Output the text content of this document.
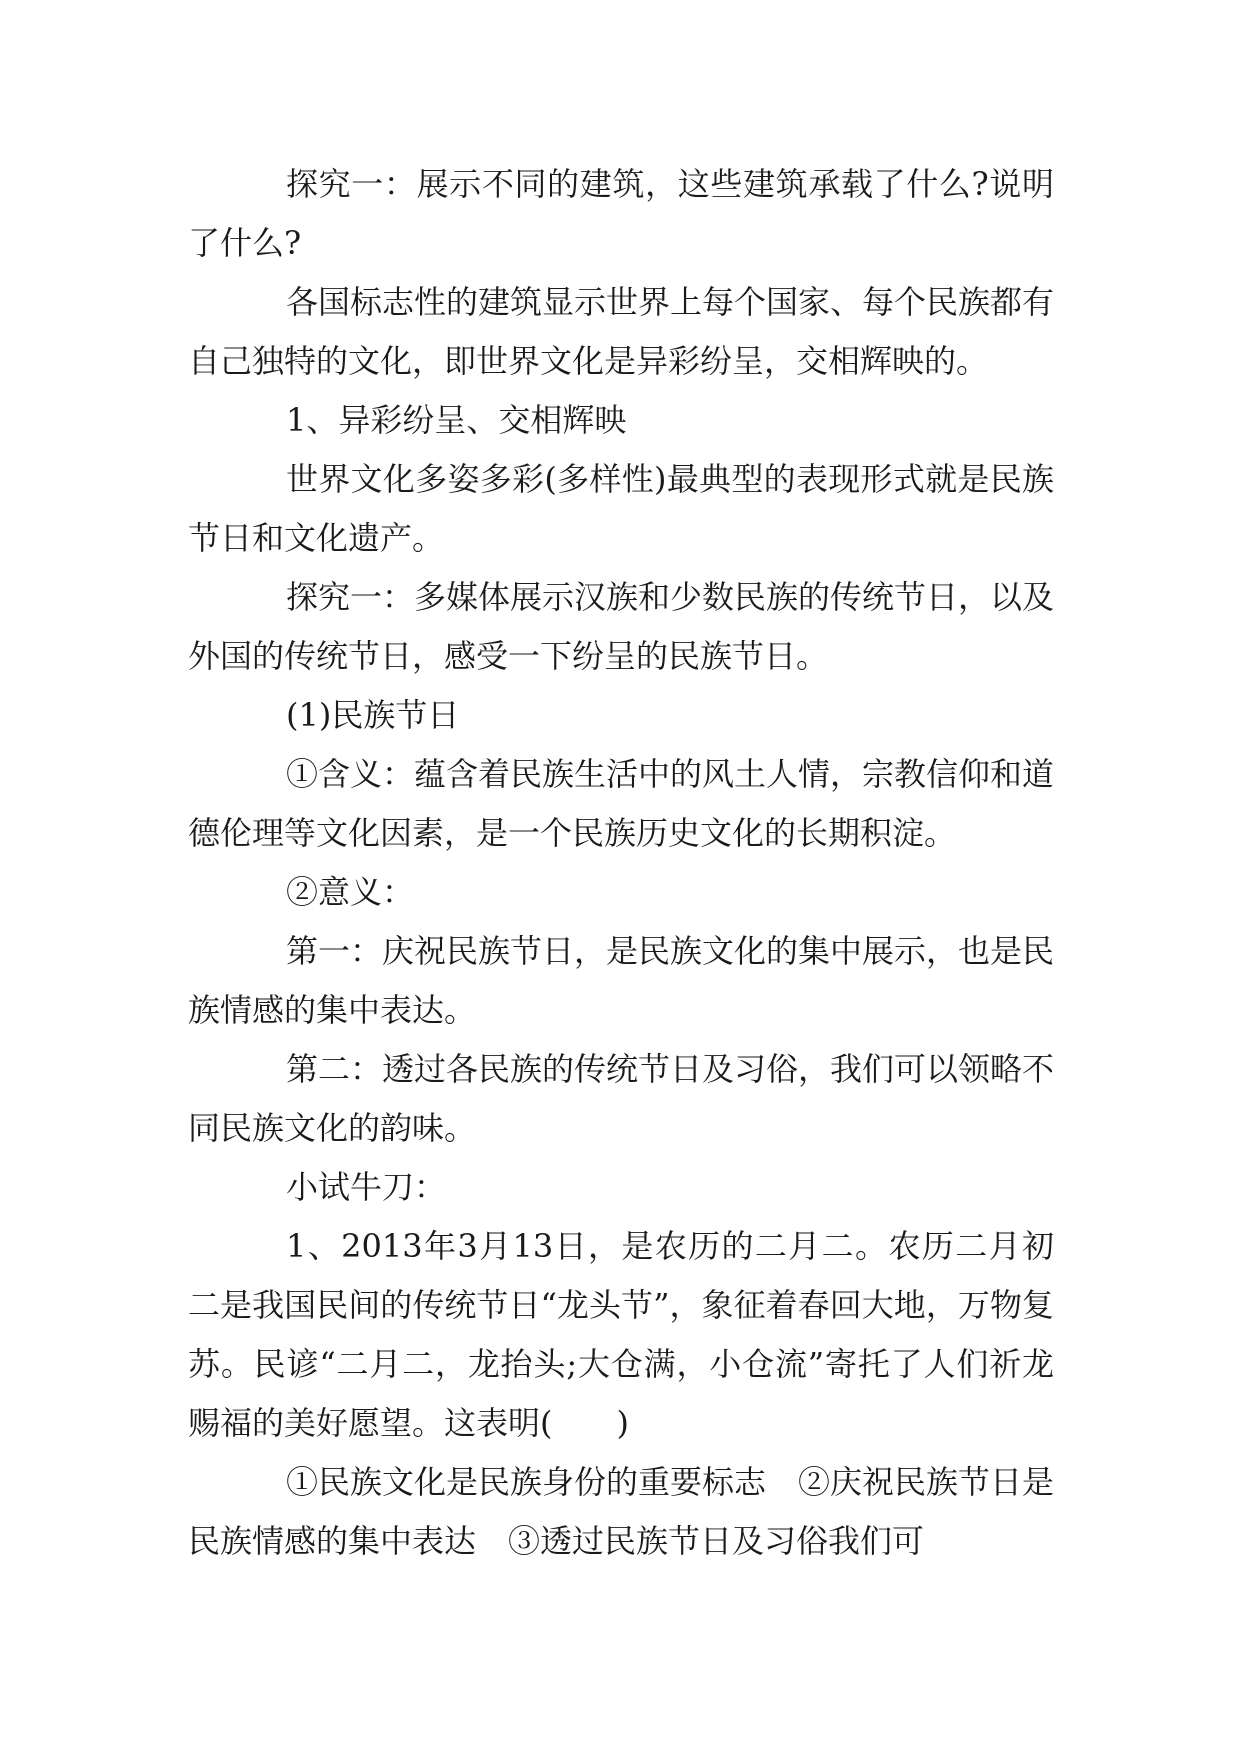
探究一：展示不同的建筑，这些建筑承载了什么?说明了什么?

各国标志性的建筑显示世界上每个国家、每个民族都有自己独特的文化，即世界文化是异彩纷呈，交相辉映的。

1、异彩纷呈、交相辉映

世界文化多姿多彩(多样性)最典型的表现形式就是民族节日和文化遗产。

探究一：多媒体展示汉族和少数民族的传统节日，以及外国的传统节日，感受一下纷呈的民族节日。

(1)民族节日

①含义：蕴含着民族生活中的风土人情，宗教信仰和道德伦理等文化因素，是一个民族历史文化的长期积淀。

②意义：

第一：庆祝民族节日，是民族文化的集中展示，也是民族情感的集中表达。

第二：透过各民族的传统节日及习俗，我们可以领略不同民族文化的韵味。

小试牛刀：

1、2013年3月13日，是农历的二月二。农历二月初二是我国民间的传统节日“龙头节”，象征着春回大地，万物复苏。民谚“二月二，龙抬头;大仓满，小仓流”寄托了人们祈龙赐福的美好愿望。这表明(　　)

①民族文化是民族身份的重要标志　②庆祝民族节日是民族情感的集中表达　③透过民族节日及习俗我们可
